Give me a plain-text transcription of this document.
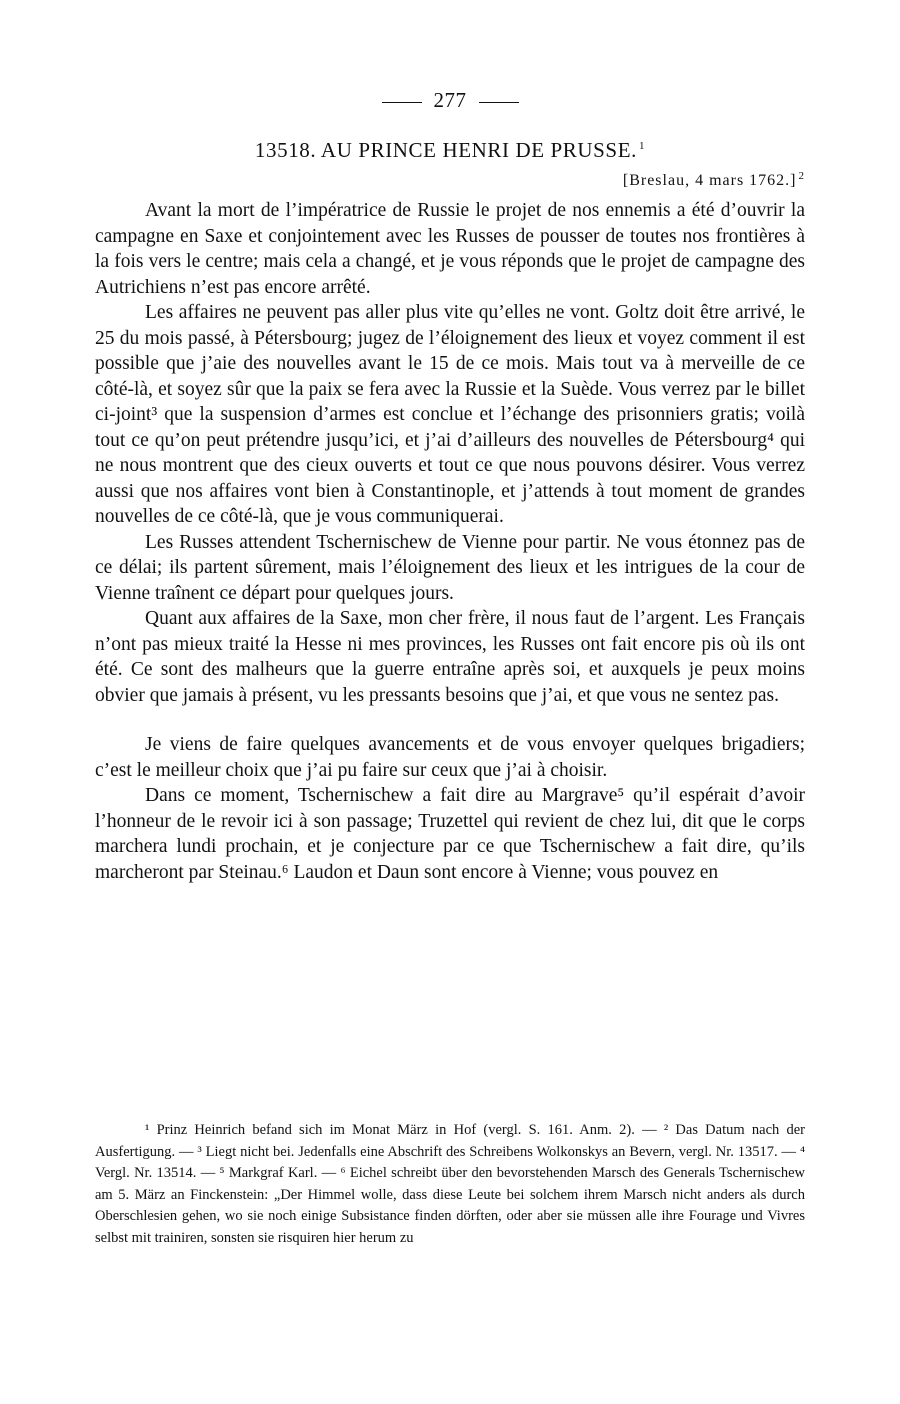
277
13518. AU PRINCE HENRI DE PRUSSE. $^1$
[Breslau, 4 mars 1762.] $^2$

Avant la mort de l’impératrice de Russie le projet de nos ennemis a été d’ouvrir la campagne en Saxe et conjointement avec les Russes de pousser de toutes nos frontières à la fois vers le centre; mais cela a changé, et je vous réponds que le projet de campagne des Autrichiens n’est pas encore arrêté.

Les affaires ne peuvent pas aller plus vite qu’elles ne vont. Goltz doit être arrivé, le 25 du mois passé, à Pétersbourg; jugez de l’éloignement des lieux et voyez comment il est possible que j’aie des nouvelles avant le 15 de ce mois. Mais tout va à merveille de ce côté-là, et soyez sûr que la paix se fera avec la Russie et la Suède. Vous verrez par le billet ci-joint³ que la suspension d’armes est conclue et l’échange des prisonniers gratis; voilà tout ce qu’on peut prétendre jusqu’ici, et j’ai d’ailleurs des nouvelles de Pétersbourg⁴ qui ne nous montrent que des cieux ouverts et tout ce que nous pouvons désirer. Vous verrez aussi que nos affaires vont bien à Constantinople, et j’attends à tout moment de grandes nouvelles de ce côté-là, que je vous communiquerai.

Les Russes attendent Tschernischew de Vienne pour partir. Ne vous étonnez pas de ce délai; ils partent sûrement, mais l’éloignement des lieux et les intrigues de la cour de Vienne traînent ce départ pour quelques jours.

Quant aux affaires de la Saxe, mon cher frère, il nous faut de l’argent. Les Français n’ont pas mieux traité la Hesse ni mes provinces, les Russes ont fait encore pis où ils ont été. Ce sont des malheurs que la guerre entraîne après soi, et auxquels je peux moins obvier que jamais à présent, vu les pressants besoins que j’ai, et que vous ne sentez pas.

Je viens de faire quelques avancements et de vous envoyer quelques brigadiers; c’est le meilleur choix que j’ai pu faire sur ceux que j’ai à choisir.

Dans ce moment, Tschernischew a fait dire au Margrave⁵ qu’il espérait d’avoir l’honneur de le revoir ici à son passage; Truzettel qui revient de chez lui, dit que le corps marchera lundi prochain, et je conjecture par ce que Tschernischew a fait dire, qu’ils marcheront par Steinau.⁶ Laudon et Daun sont encore à Vienne; vous pouvez en

¹ Prinz Heinrich befand sich im Monat März in Hof (vergl. S. 161. Anm. 2). — ² Das Datum nach der Ausfertigung. — ³ Liegt nicht bei. Jedenfalls eine Abschrift des Schreibens Wolkonskys an Bevern, vergl. Nr. 13517. — ⁴ Vergl. Nr. 13514. — ⁵ Markgraf Karl. — ⁶ Eichel schreibt über den bevorstehenden Marsch des Generals Tschernischew am 5. März an Finckenstein: „Der Himmel wolle, dass diese Leute bei solchem ihrem Marsch nicht anders als durch Oberschlesien gehen, wo sie noch einige Subsistance finden dörften, oder aber sie müssen alle ihre Fourage und Vivres selbst mit trainiren, sonsten sie risquiren hier herum zu
